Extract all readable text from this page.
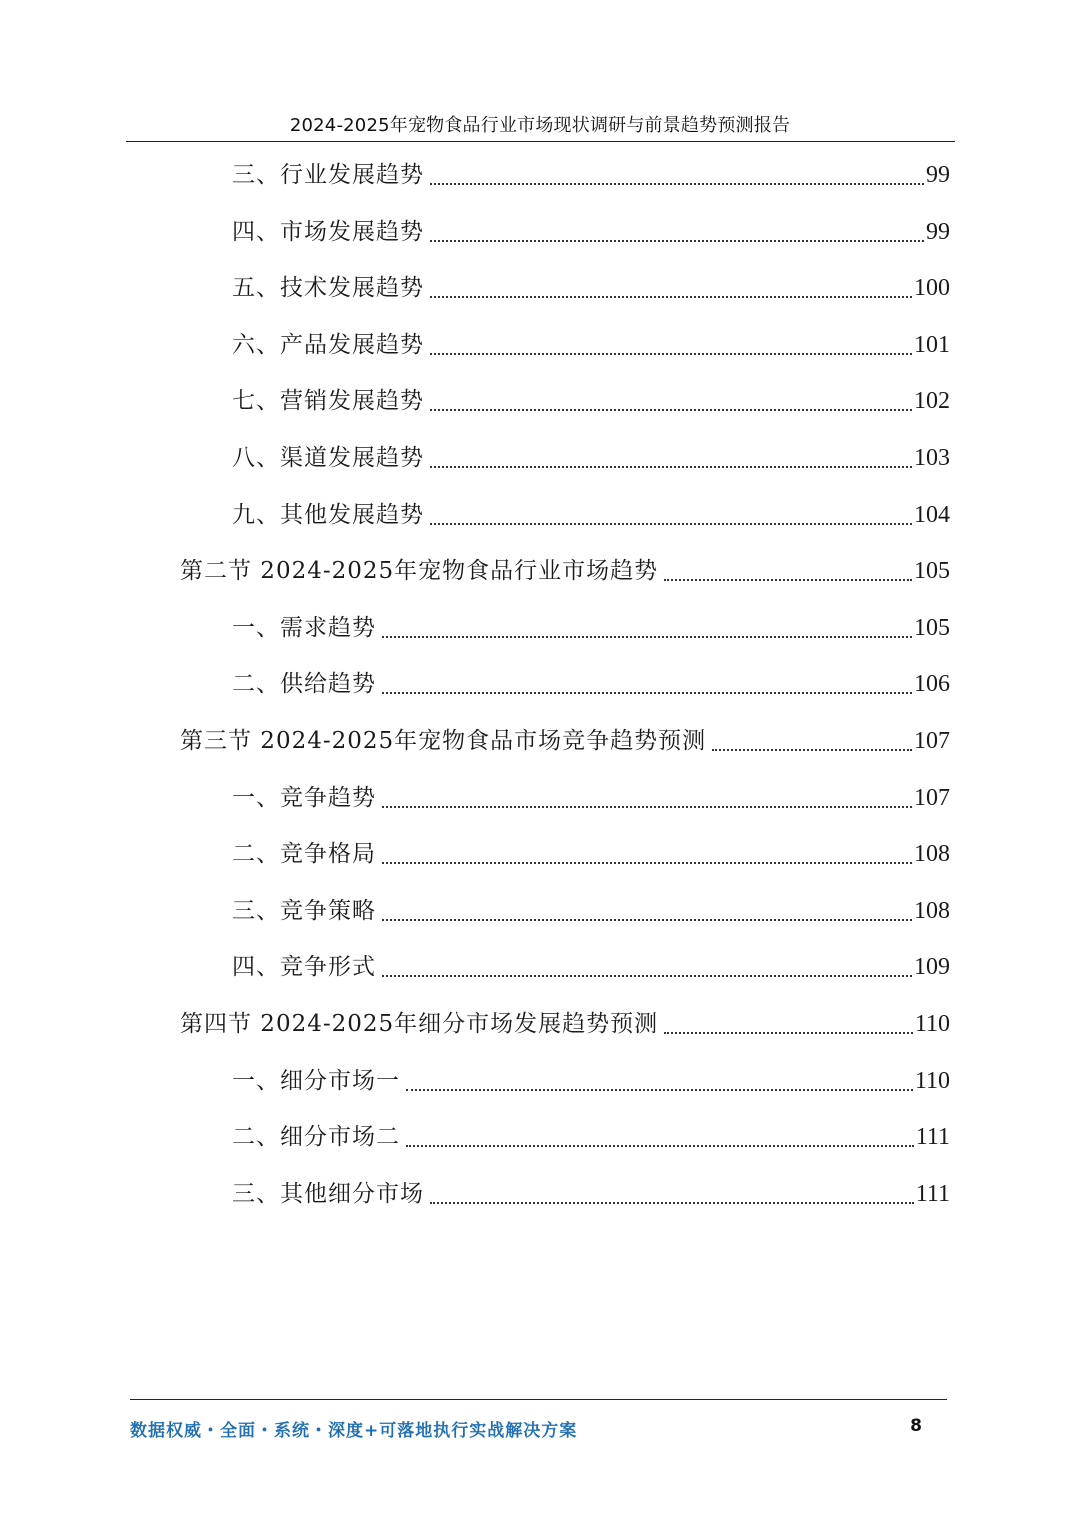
2024-2025年宠物食品行业市场现状调研与前景趋势预测报告
三、行业发展趋势	99
四、市场发展趋势	99
五、技术发展趋势	100
六、产品发展趋势	101
七、营销发展趋势	102
八、渠道发展趋势	103
九、其他发展趋势	104
第二节 2024-2025年宠物食品行业市场趋势	105
一、需求趋势	105
二、供给趋势	106
第三节 2024-2025年宠物食品市场竞争趋势预测	107
一、竞争趋势	107
二、竞争格局	108
三、竞争策略	108
四、竞争形式	109
第四节 2024-2025年细分市场发展趋势预测	110
一、细分市场一	110
二、细分市场二	111
三、其他细分市场	111
数据权威・全面・系统・深度+可落地执行实战解决方案	8
